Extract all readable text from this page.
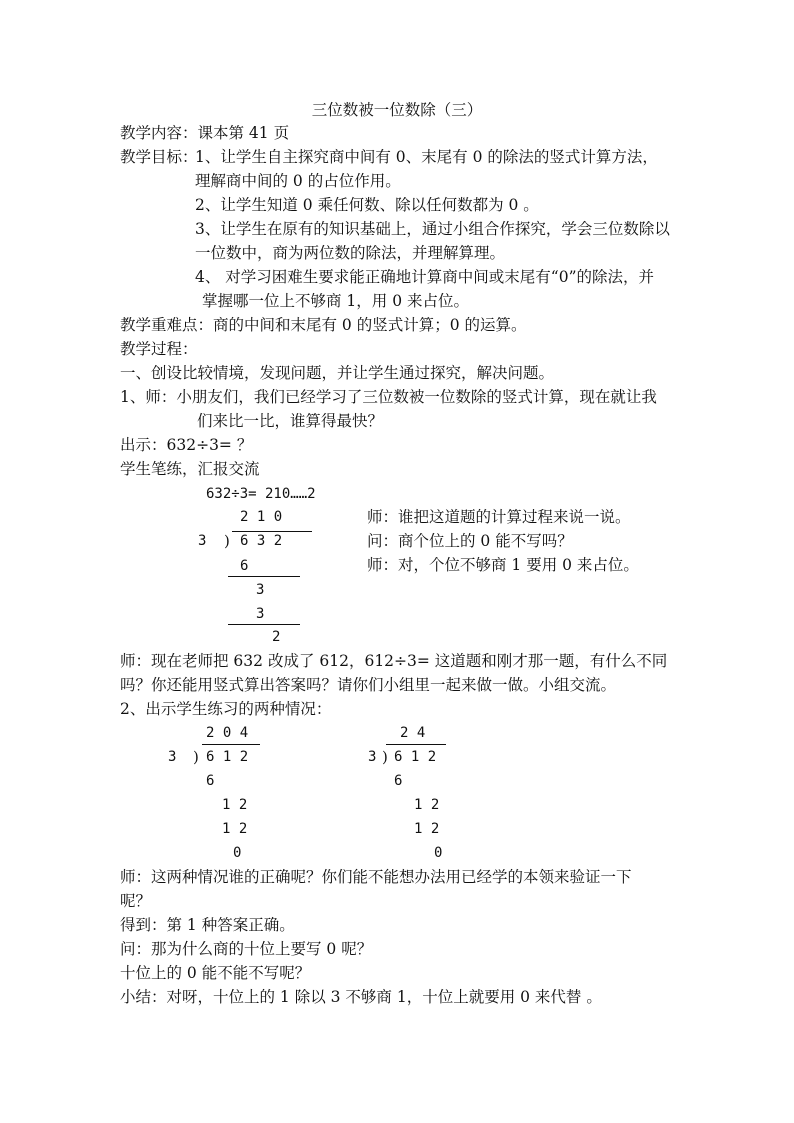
三位数被一位数除（三）
教学内容：课本第 41 页
教学目标：
1、让学生自主探究商中间有 0、末尾有 0 的除法的竖式计算方法，
理解商中间的 0 的占位作用。
2、让学生知道 0 乘任何数、除以任何数都为 0 。
3、让学生在原有的知识基础上，通过小组合作探究，学会三位数除以
一位数中，商为两位数的除法，并理解算理。
4、 对学习困难生要求能正确地计算商中间或末尾有“0”的除法，并
掌握哪一位上不够商 1，用 0 来占位。
教学重难点：商的中间和末尾有 0 的竖式计算；0 的运算。
教学过程：
一、创设比较情境，发现问题，并让学生通过探究，解决问题。
1、师：小朋友们，我们已经学习了三位数被一位数除的竖式计算，现在就让我
们来比一比，谁算得最快？
出示：632÷3= ？
学生笔练，汇报交流
632÷3= 210……2
2 1 0
3 ) 6 3 2
6
3
3
2
师：谁把这道题的计算过程来说一说。
问：商个位上的 0 能不写吗？
师：对，个位不够商 1 要用 0 来占位。
师：现在老师把 632 改成了 612，612÷3= 这道题和刚才那一题，有什么不同
吗？你还能用竖式算出答案吗？请你们小组里一起来做一做。小组交流。
2、出示学生练习的两种情况：
2 0 4
3 ) 6 1 2
6
1 2
1 2
0
2 4
3 ) 6 1 2
6
1 2
1 2
0
师：这两种情况谁的正确呢？你们能不能想办法用已经学的本领来验证一下
呢？
得到：第 1 种答案正确。
问：那为什么商的十位上要写 0 呢？
十位上的 0 能不能不写呢？
小结：对呀，十位上的 1 除以 3 不够商 1，十位上就要用 0 来代替 。
